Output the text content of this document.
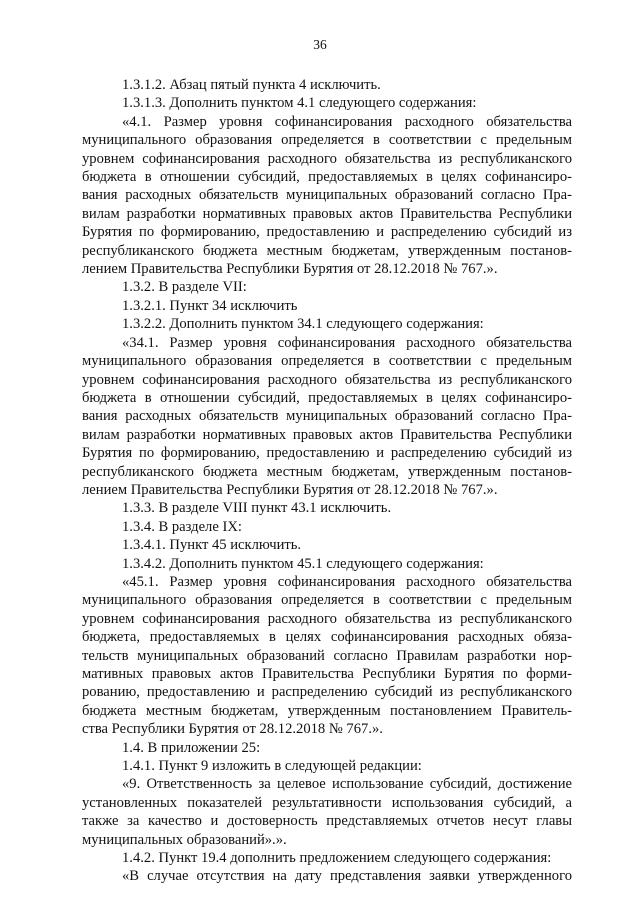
36
1.3.1.2. Абзац пятый пункта 4 исключить.
1.3.1.3. Дополнить пунктом 4.1 следующего содержания:
«4.1. Размер уровня софинансирования расходного обязательства
муниципального образования определяется в соответствии с предельным
уровнем софинансирования расходного обязательства из республиканского
бюджета в отношении субсидий, предоставляемых в целях софинансиро-
вания расходных обязательств муниципальных образований согласно Пра-
вилам разработки нормативных правовых актов Правительства Республики
Бурятия по формированию, предоставлению и распределению субсидий из
республиканского бюджета местным бюджетам, утвержденным постанов-
лением Правительства Республики Бурятия от 28.12.2018 № 767.».
1.3.2. В разделе VII:
1.3.2.1. Пункт 34 исключить
1.3.2.2. Дополнить пунктом 34.1 следующего содержания:
«34.1. Размер уровня софинансирования расходного обязательства
муниципального образования определяется в соответствии с предельным
уровнем софинансирования расходного обязательства из республиканского
бюджета в отношении субсидий, предоставляемых в целях софинансиро-
вания расходных обязательств муниципальных образований согласно Пра-
вилам разработки нормативных правовых актов Правительства Республики
Бурятия по формированию, предоставлению и распределению субсидий из
республиканского бюджета местным бюджетам, утвержденным постанов-
лением Правительства Республики Бурятия от 28.12.2018 № 767.».
1.3.3. В разделе VIII пункт 43.1 исключить.
1.3.4. В разделе IX:
1.3.4.1. Пункт 45 исключить.
1.3.4.2. Дополнить пунктом 45.1 следующего содержания:
«45.1. Размер уровня софинансирования расходного обязательства
муниципального образования определяется в соответствии с предельным
уровнем софинансирования расходного обязательства из республиканского
бюджета, предоставляемых в целях софинансирования расходных обяза-
тельств муниципальных образований согласно Правилам разработки нор-
мативных правовых актов Правительства Республики Бурятия по форми-
рованию, предоставлению и распределению субсидий из республиканского
бюджета местным бюджетам, утвержденным постановлением Правитель-
ства Республики Бурятия от 28.12.2018 № 767.».
1.4. В приложении 25:
1.4.1. Пункт 9 изложить в следующей редакции:
«9. Ответственность за целевое использование субсидий, достижение
установленных показателей результативности использования субсидий, а
также за качество и достоверность представляемых отчетов несут главы
муниципальных образований».».
1.4.2. Пункт 19.4 дополнить предложением следующего содержания:
«В случае отсутствия на дату представления заявки утвержденного
